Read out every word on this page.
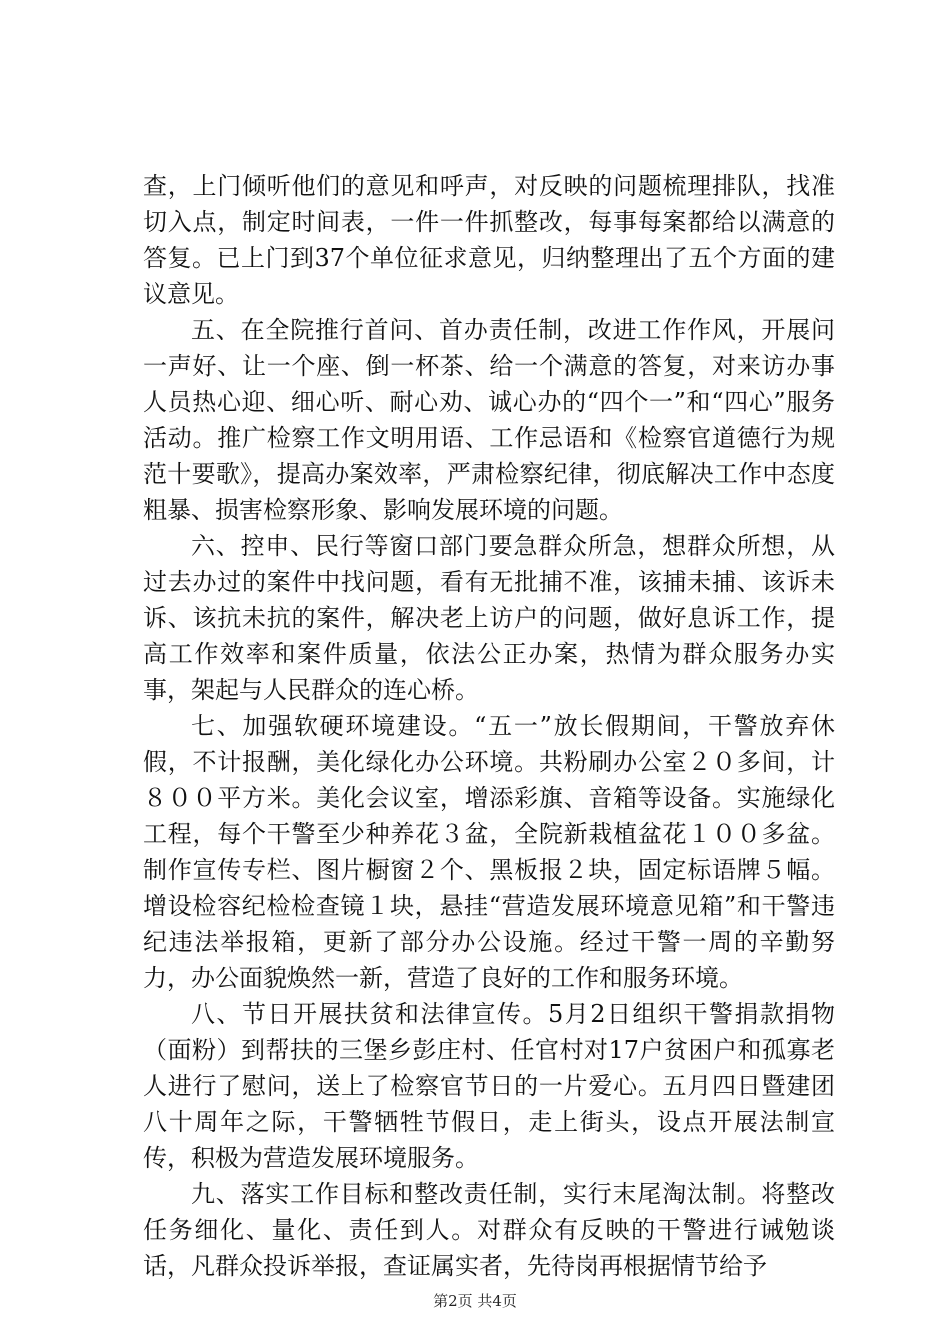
查，上门倾听他们的意见和呼声，对反映的问题梳理排队，找准切入点，制定时间表，一件一件抓整改，每事每案都给以满意的答复。已上门到37个单位征求意见，归纳整理出了五个方面的建议意见。

五、在全院推行首问、首办责任制，改进工作作风，开展问一声好、让一个座、倒一杯茶、给一个满意的答复，对来访办事人员热心迎、细心听、耐心劝、诚心办的“四个一”和“四心”服务活动。推广检察工作文明用语、工作忌语和《检察官道德行为规范十要歌》，提高办案效率，严肃检察纪律，彻底解决工作中态度粗暴、损害检察形象、影响发展环境的问题。

六、控申、民行等窗口部门要急群众所急，想群众所想，从过去办过的案件中找问题，看有无批捕不准，该捕未捕、该诉未诉、该抗未抗的案件，解决老上访户的问题，做好息诉工作，提高工作效率和案件质量，依法公正办案，热情为群众服务办实事，架起与人民群众的连心桥。

七、加强软硬环境建设。“五一”放长假期间，干警放弃休假，不计报酬，美化绿化办公环境。共粉刷办公室２０多间，计８００平方米。美化会议室，增添彩旗、音箱等设备。实施绿化工程，每个干警至少种养花３盆，全院新栽植盆花１００多盆。制作宣传专栏、图片橱窗２个、黑板报２块，固定标语牌５幅。增设检容纪检检查镜１块，悬挂“营造发展环境意见箱”和干警违纪违法举报箱，更新了部分办公设施。经过干警一周的辛勤努力，办公面貌焕然一新，营造了良好的工作和服务环境。

八、节日开展扶贫和法律宣传。5月2日组织干警捐款捐物（面粉）到帮扶的三堡乡彭庄村、任官村对17户贫困户和孤寡老人进行了慰问，送上了检察官节日的一片爱心。五月四日暨建团八十周年之际，干警牺牲节假日，走上街头，设点开展法制宣传，积极为营造发展环境服务。

九、落实工作目标和整改责任制，实行末尾淘汰制。将整改任务细化、量化、责任到人。对群众有反映的干警进行诫勉谈话，凡群众投诉举报，查证属实者，先待岗再根据情节给予

第2页 共4页
